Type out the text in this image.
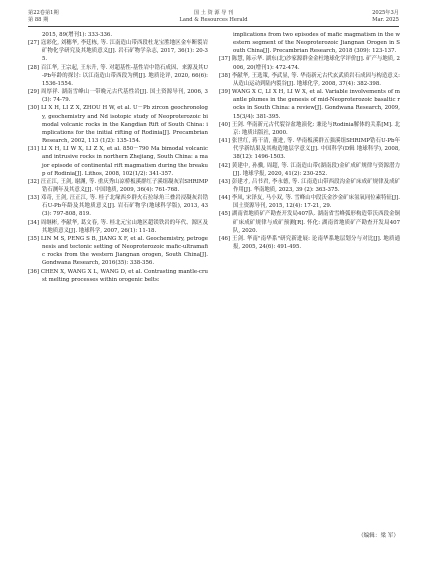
第22卷第1期
第 88 期
国 土 资 源 导 刊
Land & Resources Herald
2025年3月
Mar. 2025

2015, 89(增刊1): 333-336.

[27] 寇彩化, 刘穗华, 李廷栋, 等. 江南造山带西段杜龙宝胜地区金车断裂岩矿物化学研究及其地质意义[J]. 岩石矿物学杂志, 2017, 36(1): 20-35.

[28] 百江华, 王宗起, 王东升, 等. 对超基性-基性岩中锆石成因、来源及其U-Pb年龄的探讨: 以江南造山带西段为例[J]. 地质论评, 2020, 66(6): 1536-1554.

[29] 周厚祥. 湖南雪峰山一带晚元古代基性岩[J]. 国土资源导刊, 2006, 3(3): 74-79.

[30] LI X H, LI Z X, ZHOU H W, et al. U－Pb zircon geochronology, geochemistry and Nd isotopic study of Neoproterozoic bimodal volcanic rocks in the Kangdian Rift of South China: implications for the initial rifting of Rodinia[J]. Precambrian Research, 2002, 113 (1/2): 135-154.

[31] LI X H, LI W X, LI Z X, et al. 850－790 Ma bimodal volcanic and intrusive rocks in northern Zhejiang, South China: a major episode of continental rift magmatism during the breakup of Rodinia[J]. Lithos, 2008, 102(1/2): 341-357.

[32] 汪正江, 王剑, 谢渊, 等. 重庆秀山凉桥板溪群红子溪组凝灰岩SHRIMP锆石测年及其意义[J]. 中国地质, 2009, 36(4): 761-768.

[33] 邓奇, 王剑, 汪正江, 等. 桂子北缘西乡群火石拉绿角三叠岩浸凝灰岩锆石U-Pb年龄及其地质意义[J]. 岩石矿物学(地球科学版), 2013, 43(3): 797-808, 819.

[34] 周继彬, 李献华, 葛文春, 等. 桂北元宝山地区超镁铁岩的年代、源区及其地质意义[J]. 地球科学, 2007, 26(1): 11-18.

[35] LIN M S, PENG S B, JIANG X F, et al. Geochemistry, petrogenesis and tectonic setting of Neoproterozoic mafic-ultramafic rocks from the western Jiangnan orogen, South China[J]. Gondwana Research, 2016(35): 338-356.

[36] CHEN X, WANG X L, WANG D, et al. Contrasting mantle-crust melting processes within orogenic belts:

implications from two episodes of mafic magmatism in the western segment of the Neoproterozoic Jiangnan Orogen in South China[J]. Precambrian Research, 2018 (309): 123-137.

[37] 陈慧, 陈示华. 湖东(北)沙家源群金金杜地球化学评价[J]. 矿产与地质, 2006, 20(增刊1): 472-474.

[38] 李献华, 王选策, 李武显, 等. 华南新元古代玄武质岩石成因与构造意义: 从造山运动到陆内裂谷[J]. 地球化学, 2008, 37(4): 382-398.

[39] WANG X C, LI X H, LI W X, et al. Variable involvements of mantle plumes in the genesis of mid-Neoproterozoic basaltic rocks in South China: a review[J]. Gondwana Research, 2009, 15(3/4): 381-395.

[40] 王剑. 华南新元古代裂谷盆地演化: 兼论与Rodinia解体的关系[M]. 北京: 地质出版社, 2000.

[41] 张世红, 蒋干清, 董进, 等. 华南板溪群五强溪组SHRIMP锆石U-Pb年代学新结果及其构造地层学意义[J]. 中国科学(D辑 地球科学), 2008, 38(12): 1496-1503.

[42] 黄建中, 孙骥, 周超, 等. 江南造山带(湖南段)金矿成矿规律与资源潜力[J]. 地球学报, 2020, 41(2): 230-252.

[43] 彭建才, 吕书君, 李永德, 等. 江南造山带西段沟金矿床成矿规律及成矿作用[J]. 华南地质, 2023, 39 (2): 363-375.

[44] 李凤, 宋泽友, 马小双, 等. 雪峰山中段沃金沙金矿床氢氧同位素特征[J]. 国土资源导刊, 2015, 12(4): 17-21, 29.

[45] 湖南省地质矿产勘查开发局407队. 湖南省雪峰弧形构造带沃西段金铜矿床成矿规律与成矿预测[R]. 怀化: 湖南省地质矿产勘查开发局407队, 2020.

[46] 王剑. 华南"南华系"研究新进展: 论南华系地层划分与对比[J]. 地质通报, 2005, 24(6): 491-495.

（编辑：梁 军）
